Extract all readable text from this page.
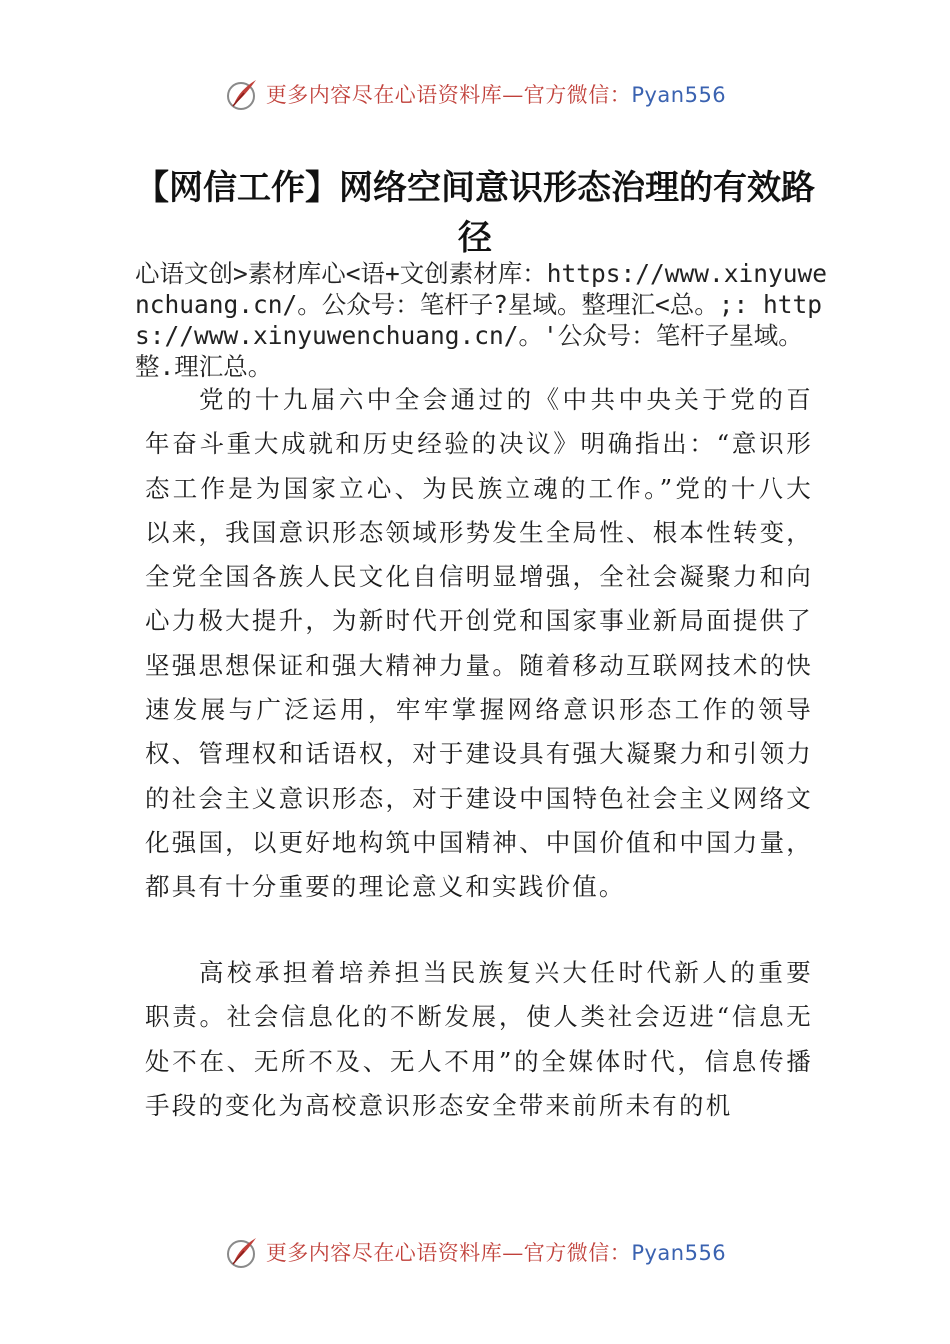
更多内容尽在心语资料库—官方微信：Pyan556
【网信工作】网络空间意识形态治理的有效路径

心语文创>素材库心<语+文创素材库：https://www.xinyuwenchuang.cn/。公众号：笔杆子?星域。整理汇<总。;: https://www.xinyuwenchuang.cn/。'公众号：笔杆子星域。整.理汇总。

党的十九届六中全会通过的《中共中央关于党的百年奋斗重大成就和历史经验的决议》明确指出：“意识形态工作是为国家立心、为民族立魂的工作。”党的十八大以来，我国意识形态领域形势发生全局性、根本性转变，全党全国各族人民文化自信明显增强，全社会凝聚力和向心力极大提升，为新时代开创党和国家事业新局面提供了坚强思想保证和强大精神力量。随着移动互联网技术的快速发展与广泛运用，牢牢掌握网络意识形态工作的领导权、管理权和话语权，对于建设具有强大凝聚力和引领力的社会主义意识形态，对于建设中国特色社会主义网络文化强国，以更好地构筑中国精神、中国价值和中国力量，都具有十分重要的理论意义和实践价值。

高校承担着培养担当民族复兴大任时代新人的重要职责。社会信息化的不断发展，使人类社会迈进“信息无处不在、无所不及、无人不用”的全媒体时代，信息传播手段的变化为高校意识形态安全带来前所未有的机

更多内容尽在心语资料库—官方微信：Pyan556
